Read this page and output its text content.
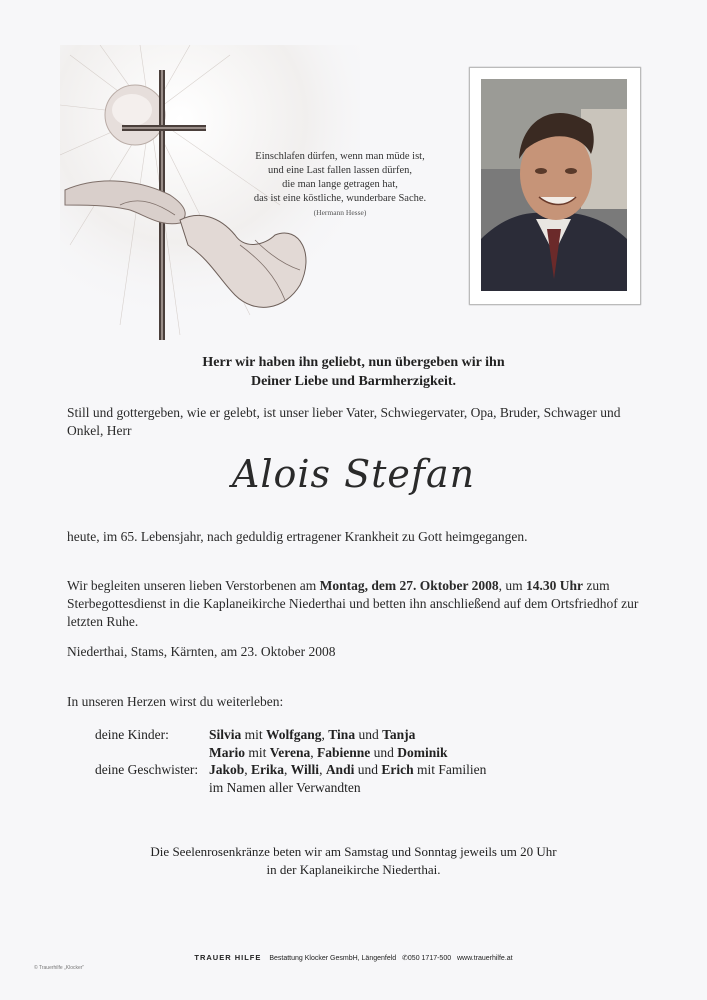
Einschlafen dürfen, wenn man müde ist,
und eine Last fallen lassen dürfen,
die man lange getragen hat,
das ist eine köstliche, wunderbare Sache.
(Hermann Hesse)
Herr wir haben ihn geliebt, nun übergeben wir ihn
Deiner Liebe und Barmherzigkeit.
Still und gottergeben, wie er gelebt, ist unser lieber Vater, Schwiegervater, Opa, Bruder, Schwager und Onkel, Herr
Alois Stefan
heute, im 65. Lebensjahr, nach geduldig ertragener Krankheit zu Gott heimgegangen.
Wir begleiten unseren lieben Verstorbenen am Montag, dem 27. Oktober 2008, um 14.30 Uhr zum Sterbegottesdienst in die Kaplaneikirche Niederthai und betten ihn anschließend auf dem Ortsfriedhof zur letzten Ruhe.
Niederthai, Stams, Kärnten, am 23. Oktober 2008
In unseren Herzen wirst du weiterleben:
deine Kinder:	Silvia mit Wolfgang, Tina und Tanja
Mario mit Verena, Fabienne und Dominik
deine Geschwister: Jakob, Erika, Willi, Andi und Erich mit Familien
im Namen aller Verwandten
Die Seelenrosenkränze beten wir am Samstag und Sonntag jeweils um 20 Uhr
in der Kaplaneikirche Niederthai.
TRAUER HILFE Bestattung Klocker GesmbH, Längenfeld ✆050 1717-500 www.trauerhilfe.at
© Trauerhilfe „Klocker“
